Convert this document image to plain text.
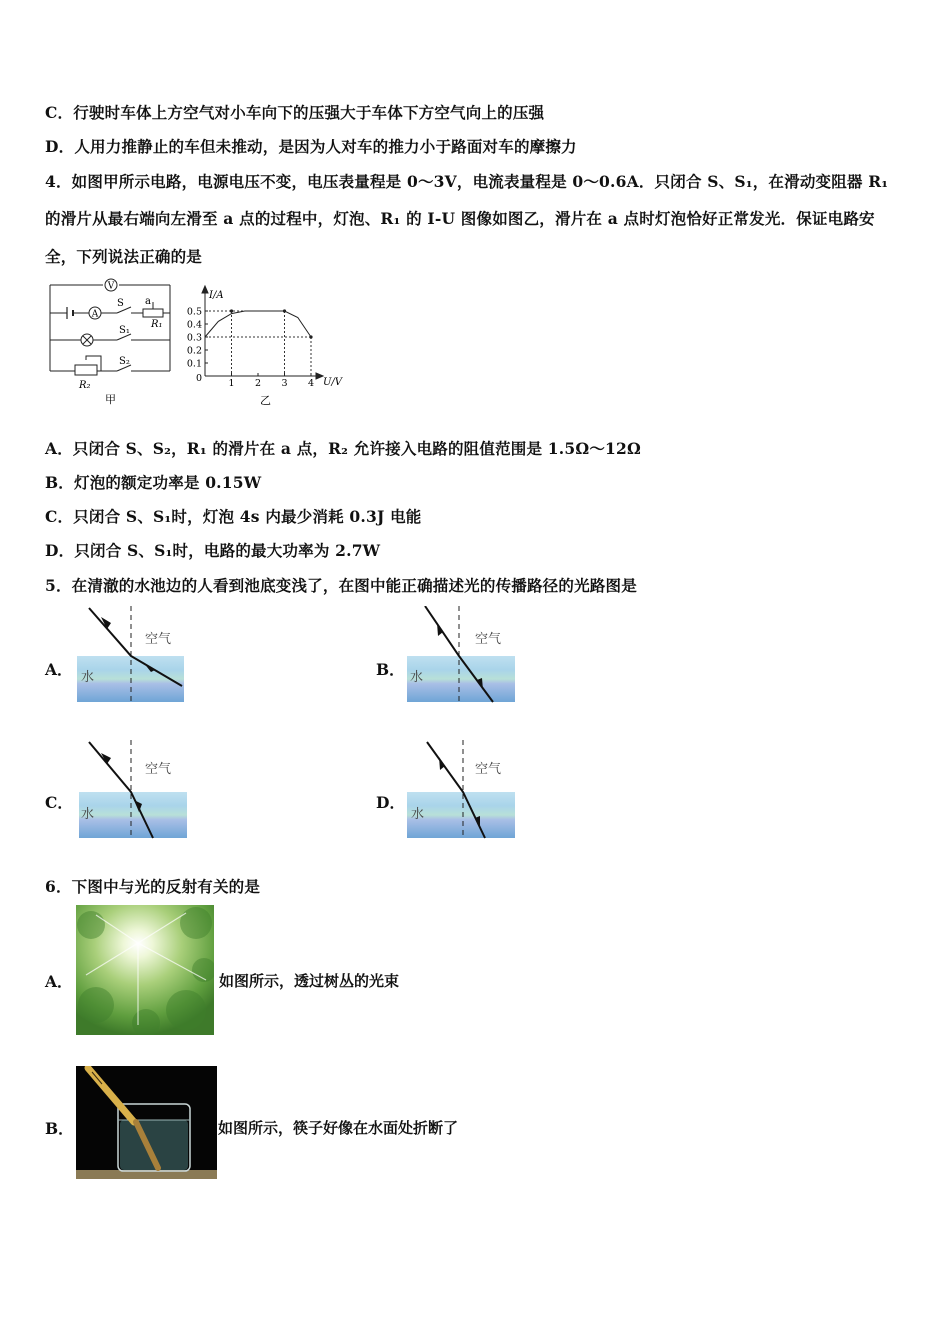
C．行驶时车体上方空气对小车向下的压强大于车体下方空气向上的压强
D．人用力推静止的车但未推动，是因为人对车的推力小于路面对车的摩擦力
4．如图甲所示电路，电源电压不变，电压表量程是 0～3V，电流表量程是 0～0.6A．只闭合 S、S₁，在滑动变阻器 R₁
的滑片从最右端向左滑至 a 点的过程中，灯泡、R₁ 的 I-U 图像如图乙，滑片在 a 点时灯泡恰好正常发光．保证电路安
全，下列说法正确的是
V
A
S
S₁
S₂
a
R₁
R₂
甲
1 2 3 4
0.1
0.2
0.3
0.4
0.5
I/A
U/V
0
乙
A．只闭合 S、S₂，R₁ 的滑片在 a 点，R₂ 允许接入电路的阻值范围是 1.5Ω～12Ω
B．灯泡的额定功率是 0.15W
C．只闭合 S、S₁时，灯泡 4s 内最少消耗 0.3J 电能
D．只闭合 S、S₁时，电路的最大功率为 2.7W
5．在清澈的水池边的人看到池底变浅了，在图中能正确描述光的传播路径的光路图是
A．
空气
水	B．
空气
水
C．
空气
水
D．
空气
水
6．下图中与光的反射有关的是
A．	如图所示，透过树丛的光束
B．	如图所示，筷子好像在水面处折断了
